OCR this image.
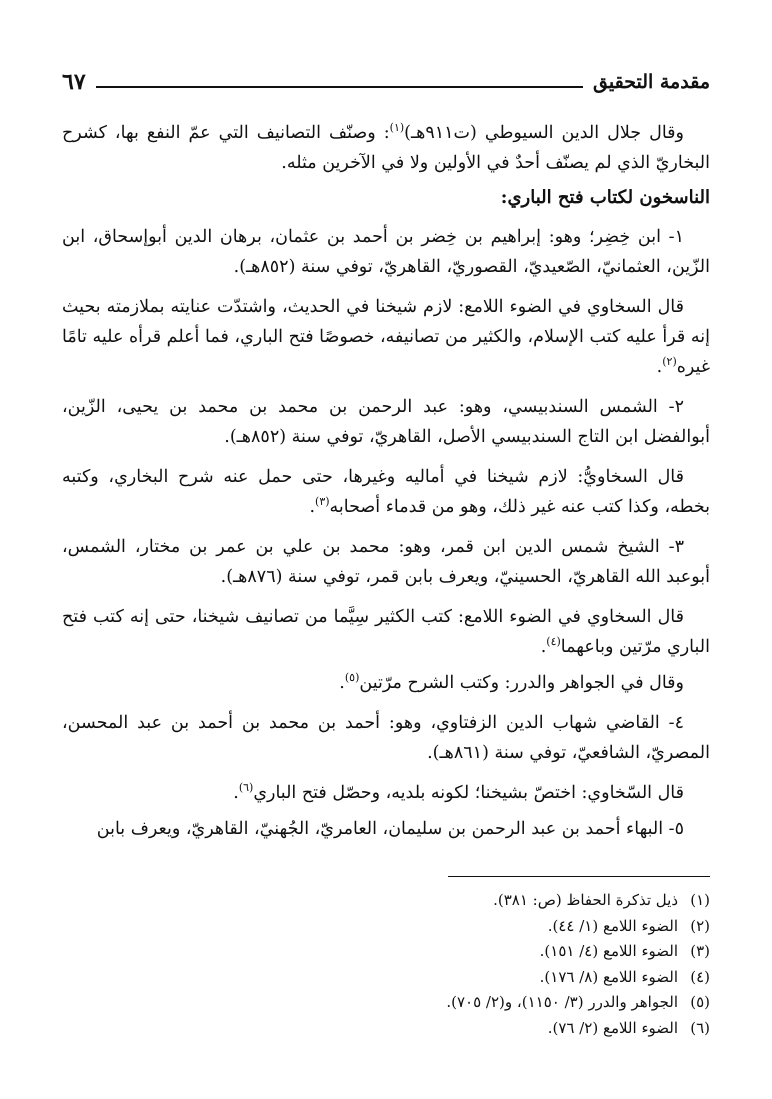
مقدمة التحقيق
٦٧

وقال جلال الدين السيوطي (ت٩١١هـ)$^{(١)}$: وصنّف التصانيف التي عمّ النفع بها، كشرح البخاريّ الذي لم يصنّف أحدٌ في الأولين ولا في الآخرين مثله.

الناسخون لكتاب فتح الباري:

١- ابن خِضِر؛ وهو: إبراهيم بن خِضر بن أحمد بن عثمان، برهان الدين أبوإسحاق، ابن الزّين، العثمانيّ، الصّعيديّ، القصوريّ، القاهريّ، توفي سنة (٨٥٢هـ).

قال السخاوي في الضوء اللامع: لازم شيخنا في الحديث، واشتدّت عنايته بملازمته بحيث إنه قرأ عليه كتب الإسلام، والكثير من تصانيفه، خصوصًا فتح الباري، فما أعلم قرأه عليه تامًا غيره$^{(٢)}$.

٢- الشمس السندبيسي، وهو: عبد الرحمن بن محمد بن محمد بن يحيى، الزّين، أبوالفضل ابن التاج السندبيسي الأصل، القاهريّ، توفي سنة (٨٥٢هـ).

قال السخاويُّ: لازم شيخنا في أماليه وغيرها، حتى حمل عنه شرح البخاري، وكتبه بخطه، وكذا كتب عنه غير ذلك، وهو من قدماء أصحابه$^{(٣)}$.

٣- الشيخ شمس الدين ابن قمر، وهو: محمد بن علي بن عمر بن مختار، الشمس، أبوعبد الله القاهريّ، الحسينيّ، ويعرف بابن قمر، توفي سنة (٨٧٦هـ).

قال السخاوي في الضوء اللامع: كتب الكثير سِيَّما من تصانيف شيخنا، حتى إنه كتب فتح الباري مرّتين وباعهما$^{(٤)}$.

وقال في الجواهر والدرر: وكتب الشرح مرّتين$^{(٥)}$.

٤- القاضي شهاب الدين الزفتاوي، وهو: أحمد بن محمد بن أحمد بن عبد المحسن، المصريّ، الشافعيّ، توفي سنة (٨٦١هـ).

قال السّخاوي: اختصّ بشيخنا؛ لكونه بلديه، وحصّل فتح الباري$^{(٦)}$.

٥- البهاء أحمد بن عبد الرحمن بن سليمان، العامريّ، الجُهنيّ، القاهريّ، ويعرف بابن

(١)
ذيل تذكرة الحفاظ (ص: ٣٨١).
(٢)
الضوء اللامع (١/ ٤٤).
(٣)
الضوء اللامع (٤/ ١٥١).
(٤)
الضوء اللامع (٨/ ١٧٦).
(٥)
الجواهر والدرر (٣/ ١١٥٠)، و(٢/ ٧٠٥).
(٦)
الضوء اللامع (٢/ ٧٦).
